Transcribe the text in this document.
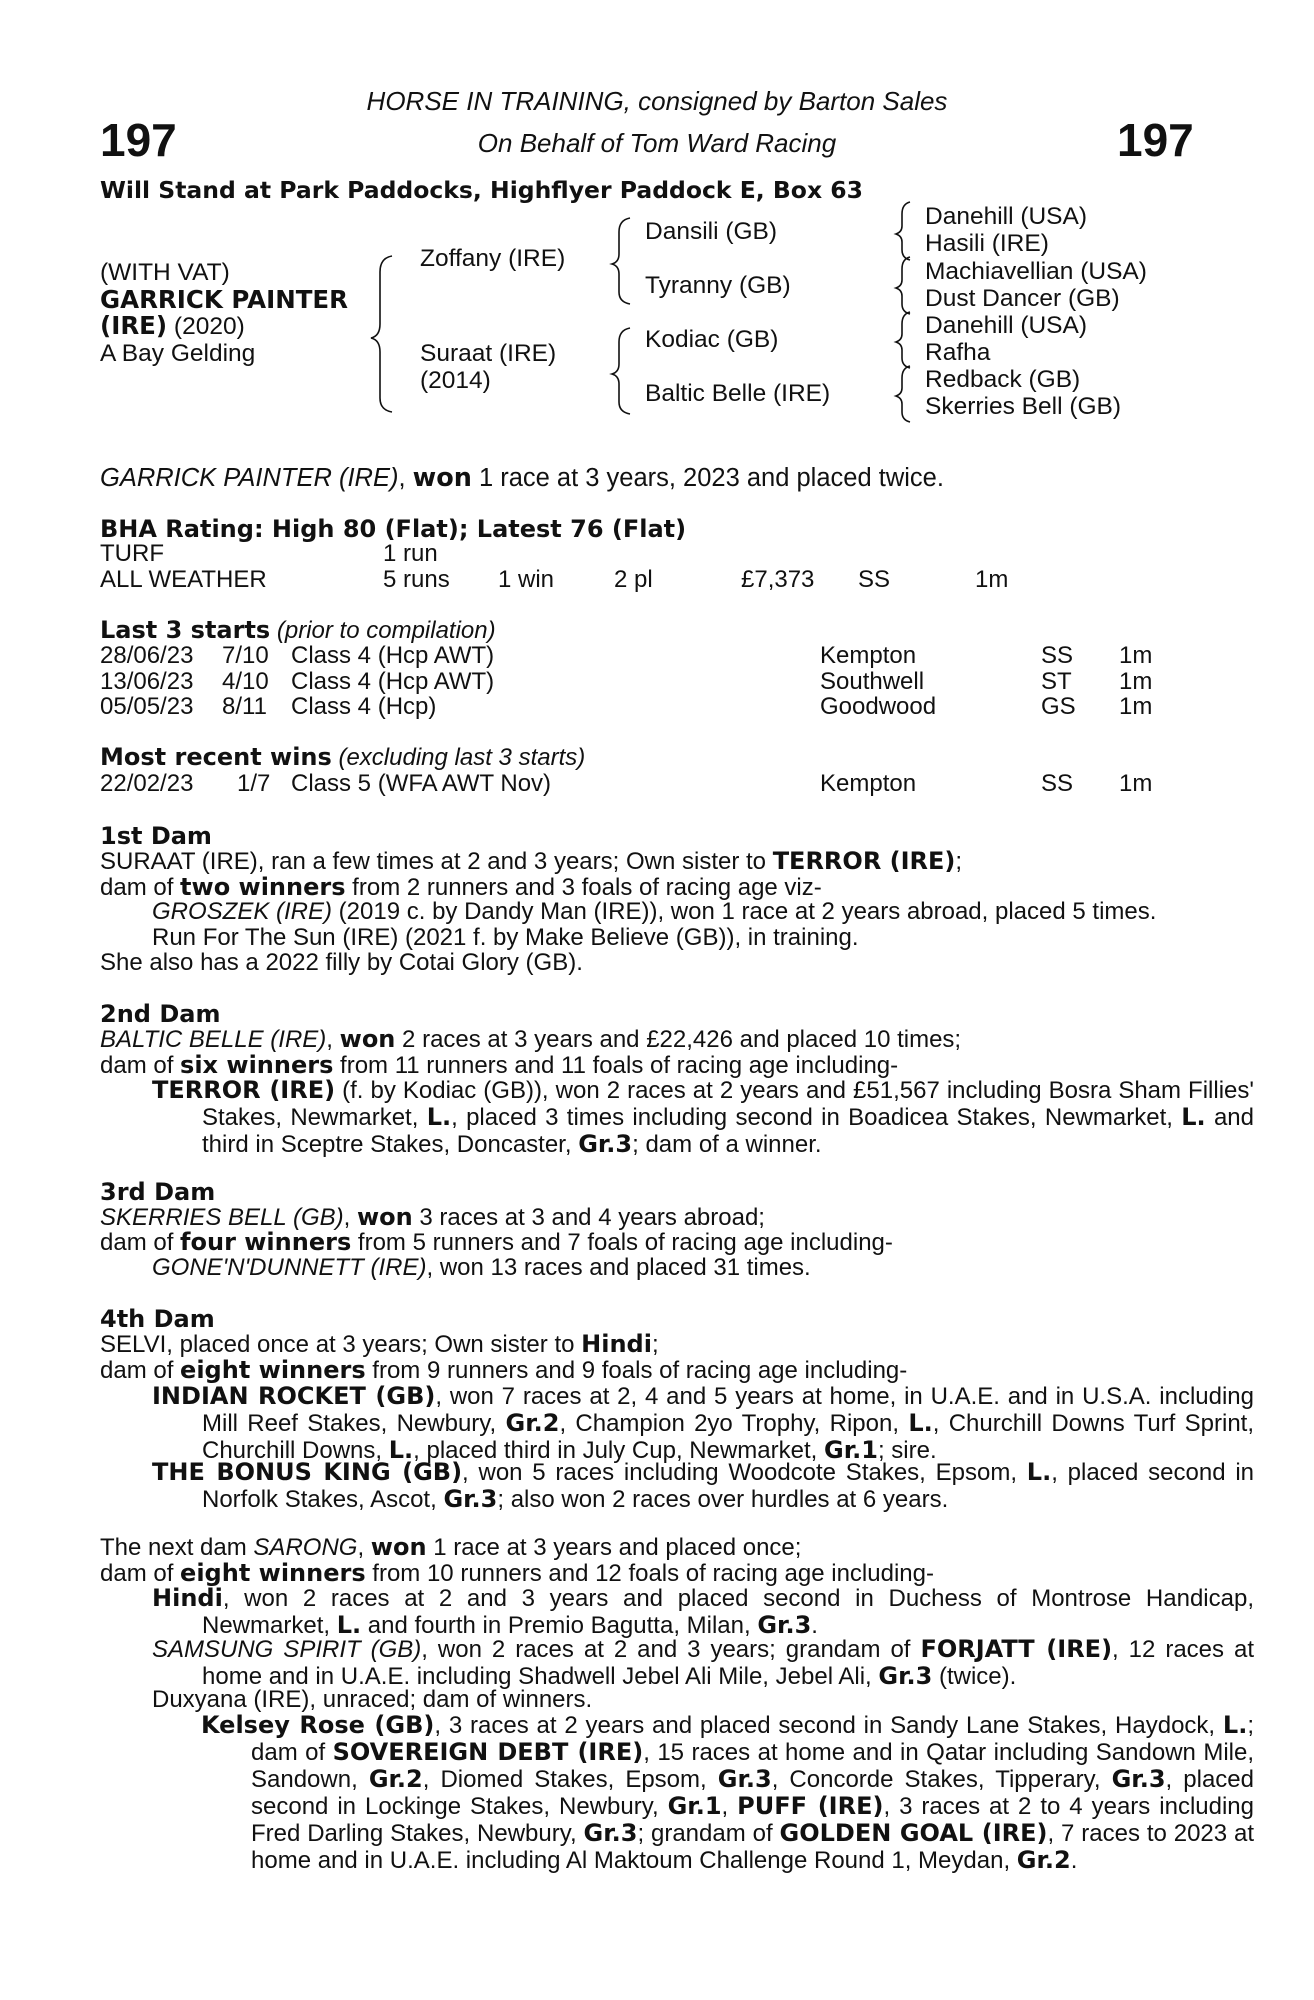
197	197
HORSE IN TRAINING, consigned by Barton Sales
On Behalf of Tom Ward Racing
Will Stand at Park Paddocks, Highflyer Paddock E, Box 63
(WITH VAT)
GARRICK PAINTER
(IRE) (2020)
A Bay Gelding
Zoffany (IRE)
Suraat (IRE)
(2014)
Dansili (GB)
Tyranny (GB)
Kodiac (GB)
Baltic Belle (IRE)
Danehill (USA)
Hasili (IRE)
Machiavellian (USA)
Dust Dancer (GB)
Danehill (USA)
Rafha
Redback (GB)
Skerries Bell (GB)
GARRICK PAINTER (IRE), won 1 race at 3 years, 2023 and placed twice.
BHA Rating: High 80 (Flat); Latest 76 (Flat)
TURF	1 run
ALL WEATHER	5 runs 1 win 2 pl	£7,373 SS	1m
Last 3 starts (prior to compilation)
28/06/23 7/10 Class 4 (Hcp AWT)	Kempton	SS 1m
13/06/23 4/10 Class 4 (Hcp AWT)	Southwell	ST 1m
05/05/23 8/11 Class 4 (Hcp)	Goodwood	GS 1m
Most recent wins (excluding last 3 starts)
22/02/23 1/7 Class 5 (WFA AWT Nov)	Kempton	SS 1m
1st Dam
SURAAT (IRE), ran a few times at 2 and 3 years; Own sister to TERROR (IRE);
dam of two winners from 2 runners and 3 foals of racing age viz-
GROSZEK (IRE) (2019 c. by Dandy Man (IRE)), won 1 race at 2 years abroad, placed 5 times.
Run For The Sun (IRE) (2021 f. by Make Believe (GB)), in training.
She also has a 2022 filly by Cotai Glory (GB).
2nd Dam
BALTIC BELLE (IRE), won 2 races at 3 years and £22,426 and placed 10 times;
dam of six winners from 11 runners and 11 foals of racing age including-
TERROR (IRE) (f. by Kodiac (GB)), won 2 races at 2 years and £51,567 including Bosra Sham Fillies' Stakes, Newmarket, L., placed 3 times including second in Boadicea Stakes, Newmarket, L. and third in Sceptre Stakes, Doncaster, Gr.3; dam of a winner.
3rd Dam
SKERRIES BELL (GB), won 3 races at 3 and 4 years abroad;
dam of four winners from 5 runners and 7 foals of racing age including-
GONE'N'DUNNETT (IRE), won 13 races and placed 31 times.
4th Dam
SELVI, placed once at 3 years; Own sister to Hindi;
dam of eight winners from 9 runners and 9 foals of racing age including-
INDIAN ROCKET (GB), won 7 races at 2, 4 and 5 years at home, in U.A.E. and in U.S.A. including Mill Reef Stakes, Newbury, Gr.2, Champion 2yo Trophy, Ripon, L., Churchill Downs Turf Sprint, Churchill Downs, L., placed third in July Cup, Newmarket, Gr.1; sire.
THE BONUS KING (GB), won 5 races including Woodcote Stakes, Epsom, L., placed second in Norfolk Stakes, Ascot, Gr.3; also won 2 races over hurdles at 6 years.
The next dam SARONG, won 1 race at 3 years and placed once;
dam of eight winners from 10 runners and 12 foals of racing age including-
Hindi, won 2 races at 2 and 3 years and placed second in Duchess of Montrose Handicap, Newmarket, L. and fourth in Premio Bagutta, Milan, Gr.3.
SAMSUNG SPIRIT (GB), won 2 races at 2 and 3 years; grandam of FORJATT (IRE), 12 races at home and in U.A.E. including Shadwell Jebel Ali Mile, Jebel Ali, Gr.3 (twice).
Duxyana (IRE), unraced; dam of winners.
Kelsey Rose (GB), 3 races at 2 years and placed second in Sandy Lane Stakes, Haydock, L.; dam of SOVEREIGN DEBT (IRE), 15 races at home and in Qatar including Sandown Mile, Sandown, Gr.2, Diomed Stakes, Epsom, Gr.3, Concorde Stakes, Tipperary, Gr.3, placed second in Lockinge Stakes, Newbury, Gr.1, PUFF (IRE), 3 races at 2 to 4 years including Fred Darling Stakes, Newbury, Gr.3; grandam of GOLDEN GOAL (IRE), 7 races to 2023 at home and in U.A.E. including Al Maktoum Challenge Round 1, Meydan, Gr.2.
